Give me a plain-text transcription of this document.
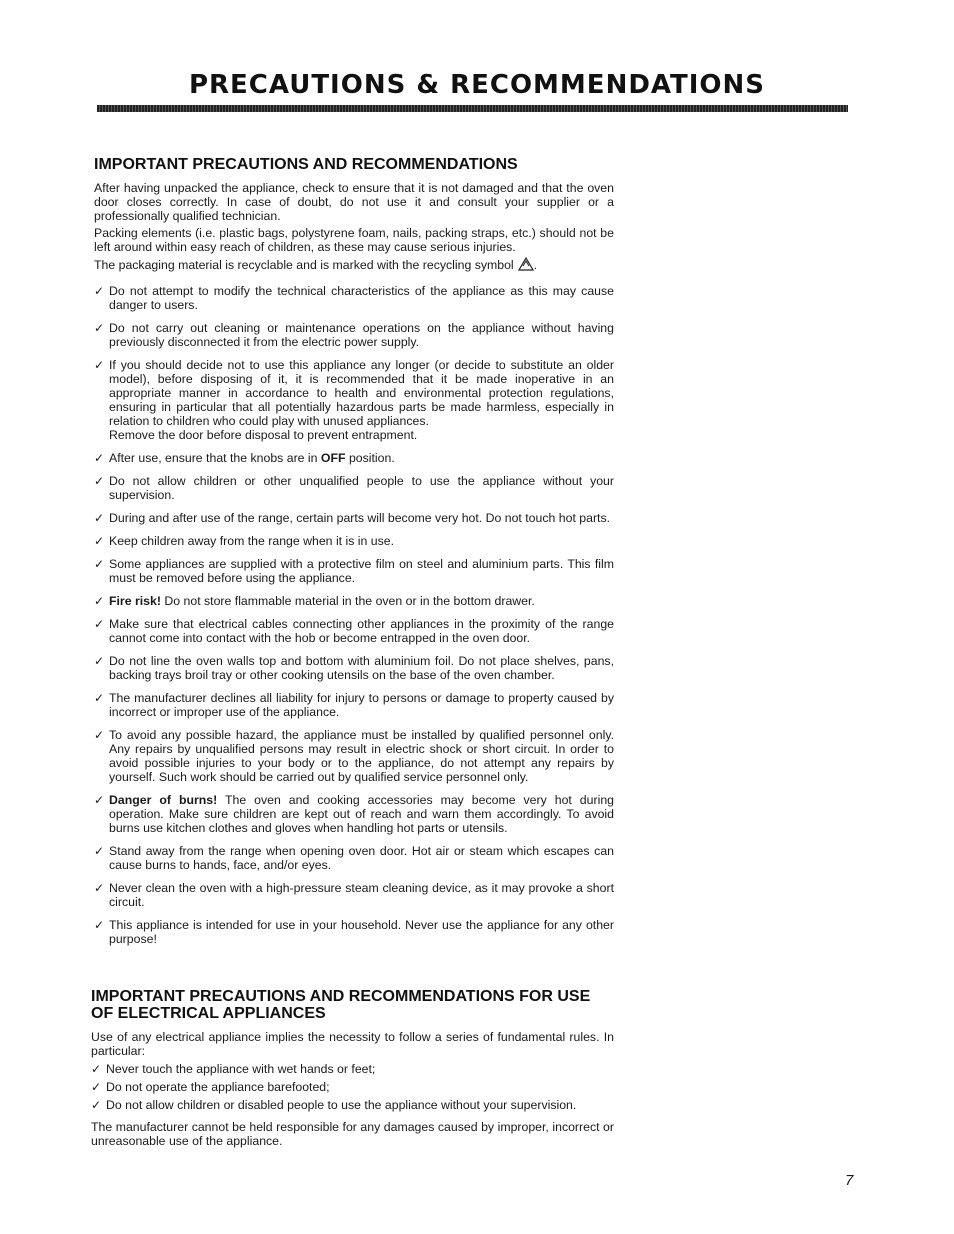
PRECAUTIONS & RECOMMENDATIONS
IMPORTANT PRECAUTIONS AND RECOMMENDATIONS

After having unpacked the appliance, check to ensure that it is not damaged and that the oven door closes correctly. In case of doubt, do not use it and consult your supplier or a professionally qualified technician.

Packing elements (i.e. plastic bags, polystyrene foam, nails, packing straps, etc.) should not be left around within easy reach of children, as these may cause serious injuries.

The packaging material is recyclable and is marked with the recycling symbol .

✓ Do not attempt to modify the technical characteristics of the appliance as this may cause danger to users.
✓ Do not carry out cleaning or maintenance operations on the appliance without having previously disconnected it from the electric power supply.
✓ If you should decide not to use this appliance any longer (or decide to substitute an older model), before disposing of it, it is recommended that it be made inoperative in an appropriate manner in accordance to health and environmental protection regulations, ensuring in particular that all potentially hazardous parts be made harmless, especially in relation to children who could play with unused appliances.
Remove the door before disposal to prevent entrapment.
✓ After use, ensure that the knobs are in OFF position.
✓ Do not allow children or other unqualified people to use the appliance without your supervision.
✓ During and after use of the range, certain parts will become very hot. Do not touch hot parts.
✓ Keep children away from the range when it is in use.
✓ Some appliances are supplied with a protective film on steel and aluminium parts. This film must be removed before using the appliance.
✓ Fire risk! Do not store flammable material in the oven or in the bottom drawer.
✓ Make sure that electrical cables connecting other appliances in the proximity of the range cannot come into contact with the hob or become entrapped in the oven door.
✓ Do not line the oven walls top and bottom with aluminium foil. Do not place shelves, pans, backing trays broil tray or other cooking utensils on the base of the oven chamber.
✓ The manufacturer declines all liability for injury to persons or damage to property caused by incorrect or improper use of the appliance.
✓ To avoid any possible hazard, the appliance must be installed by qualified personnel only. Any repairs by unqualified persons may result in electric shock or short circuit. In order to avoid possible injuries to your body or to the appliance, do not attempt any repairs by yourself. Such work should be carried out by qualified service personnel only.
✓ Danger of burns! The oven and cooking accessories may become very hot during operation. Make sure children are kept out of reach and warn them accordingly. To avoid burns use kitchen clothes and gloves when handling hot parts or utensils.
✓ Stand away from the range when opening oven door. Hot air or steam which escapes can cause burns to hands, face, and/or eyes.
✓ Never clean the oven with a high-pressure steam cleaning device, as it may provoke a short circuit.
✓ This appliance is intended for use in your household. Never use the appliance for any other purpose!
IMPORTANT PRECAUTIONS AND RECOMMENDATIONS FOR USE OF ELECTRICAL APPLIANCES

Use of any electrical appliance implies the necessity to follow a series of fundamental rules. In particular:

✓ Never touch the appliance with wet hands or feet;
✓ Do not operate the appliance barefooted;
✓ Do not allow children or disabled people to use the appliance without your supervision.

The manufacturer cannot be held responsible for any damages caused by improper, incorrect or unreasonable use of the appliance.

7
